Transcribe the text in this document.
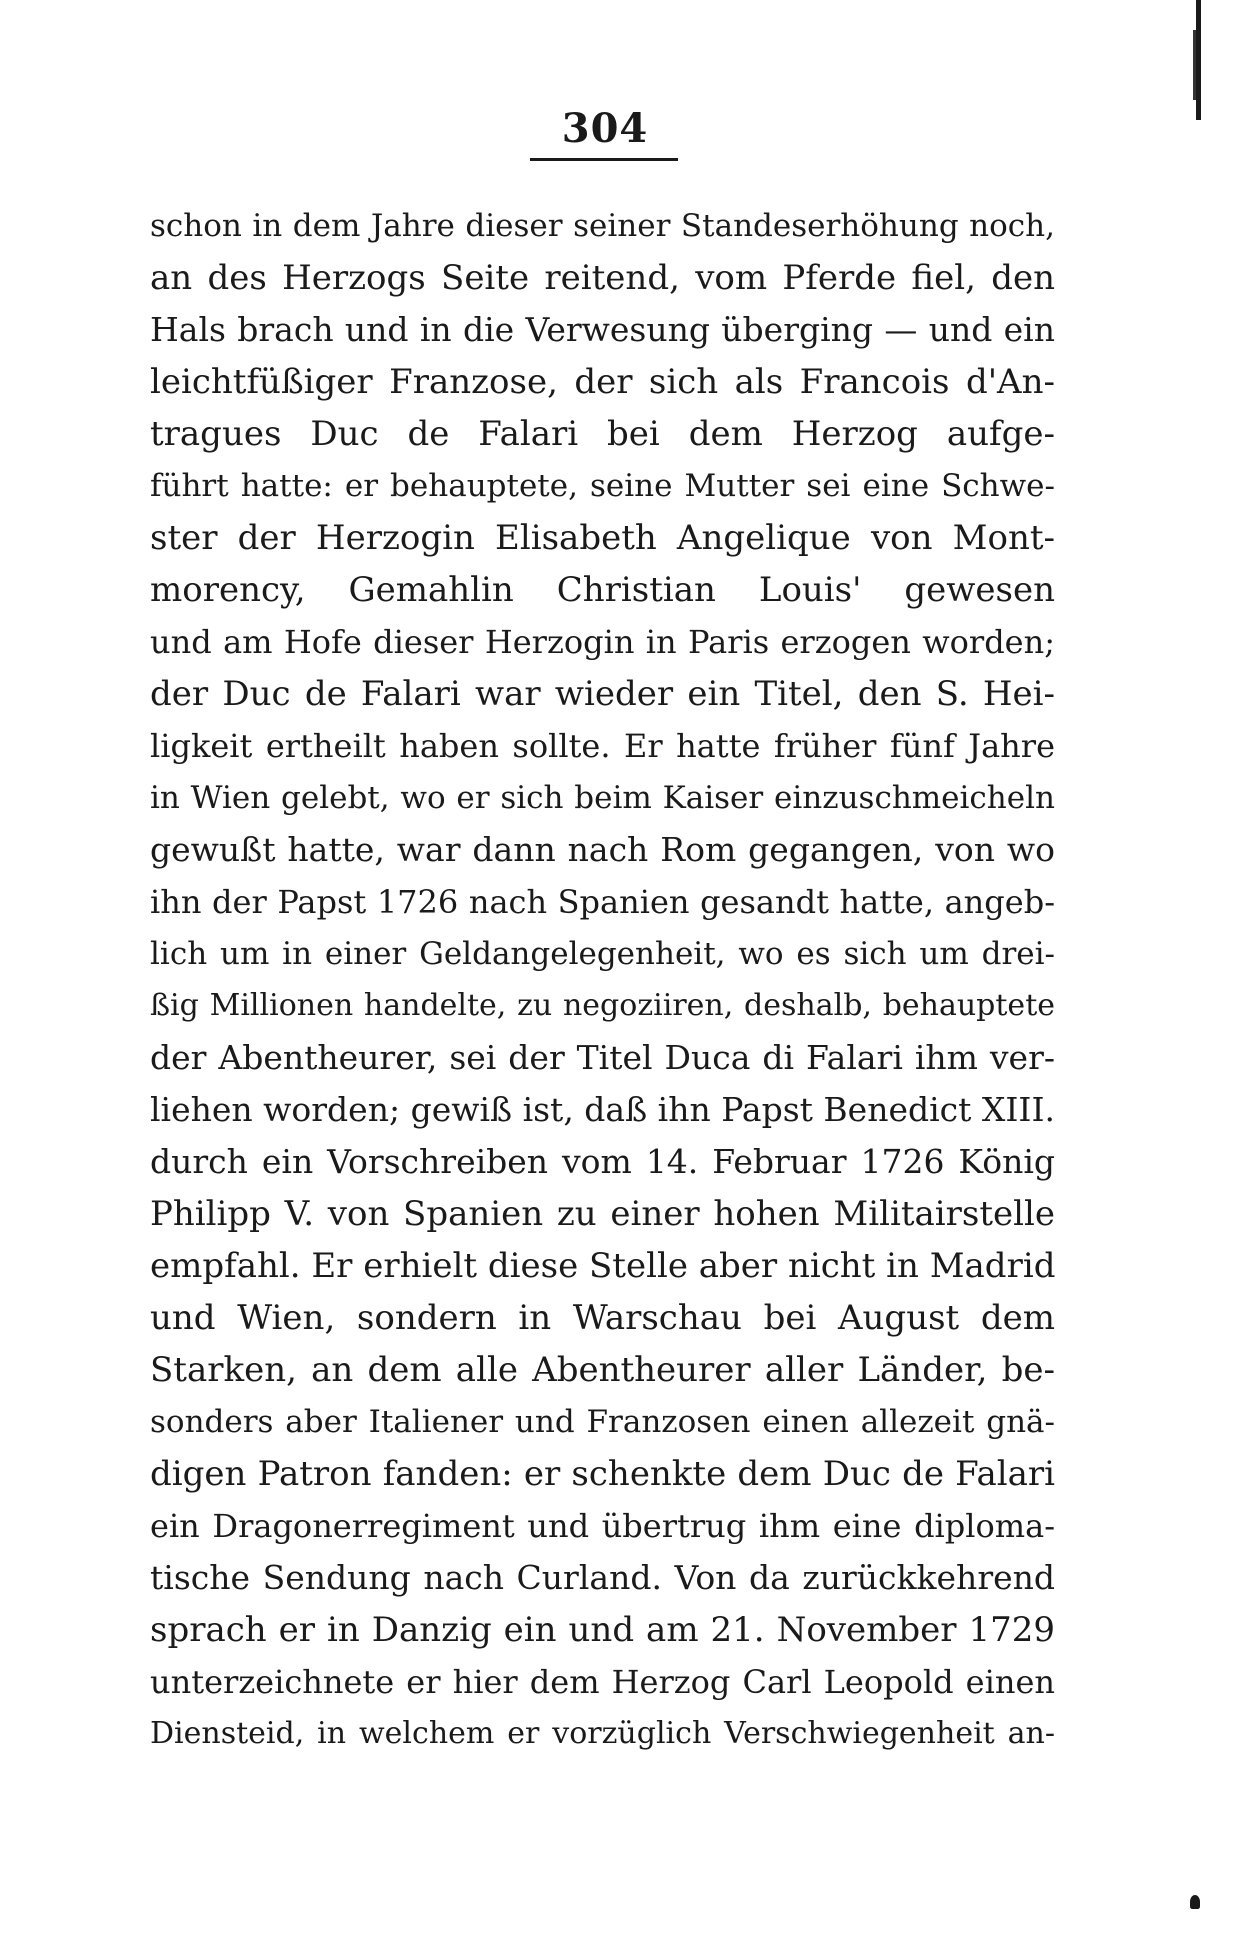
304
schon in dem Jahre dieser seiner Standeserhöhung noch,
an des Herzogs Seite reitend, vom Pferde fiel, den
Hals brach und in die Verwesung überging — und ein
leichtfüßiger Franzose, der sich als Francois d'An-
tragues Duc de Falari bei dem Herzog aufge-
führt hatte: er behauptete, seine Mutter sei eine Schwe-
ster der Herzogin Elisabeth Angelique von Mont-
morency, Gemahlin Christian Louis' gewesen
und am Hofe dieser Herzogin in Paris erzogen worden;
der Duc de Falari war wieder ein Titel, den S. Hei-
ligkeit ertheilt haben sollte. Er hatte früher fünf Jahre
in Wien gelebt, wo er sich beim Kaiser einzuschmeicheln
gewußt hatte, war dann nach Rom gegangen, von wo
ihn der Papst 1726 nach Spanien gesandt hatte, angeb-
lich um in einer Geldangelegenheit, wo es sich um drei-
ßig Millionen handelte, zu negoziiren, deshalb, behauptete
der Abentheurer, sei der Titel Duca di Falari ihm ver-
liehen worden; gewiß ist, daß ihn Papst Benedict XIII.
durch ein Vorschreiben vom 14. Februar 1726 König
Philipp V. von Spanien zu einer hohen Militairstelle
empfahl. Er erhielt diese Stelle aber nicht in Madrid
und Wien, sondern in Warschau bei August dem
Starken, an dem alle Abentheurer aller Länder, be-
sonders aber Italiener und Franzosen einen allezeit gnä-
digen Patron fanden: er schenkte dem Duc de Falari
ein Dragonerregiment und übertrug ihm eine diploma-
tische Sendung nach Curland. Von da zurückkehrend
sprach er in Danzig ein und am 21. November 1729
unterzeichnete er hier dem Herzog Carl Leopold einen
Diensteid, in welchem er vorzüglich Verschwiegenheit an-
